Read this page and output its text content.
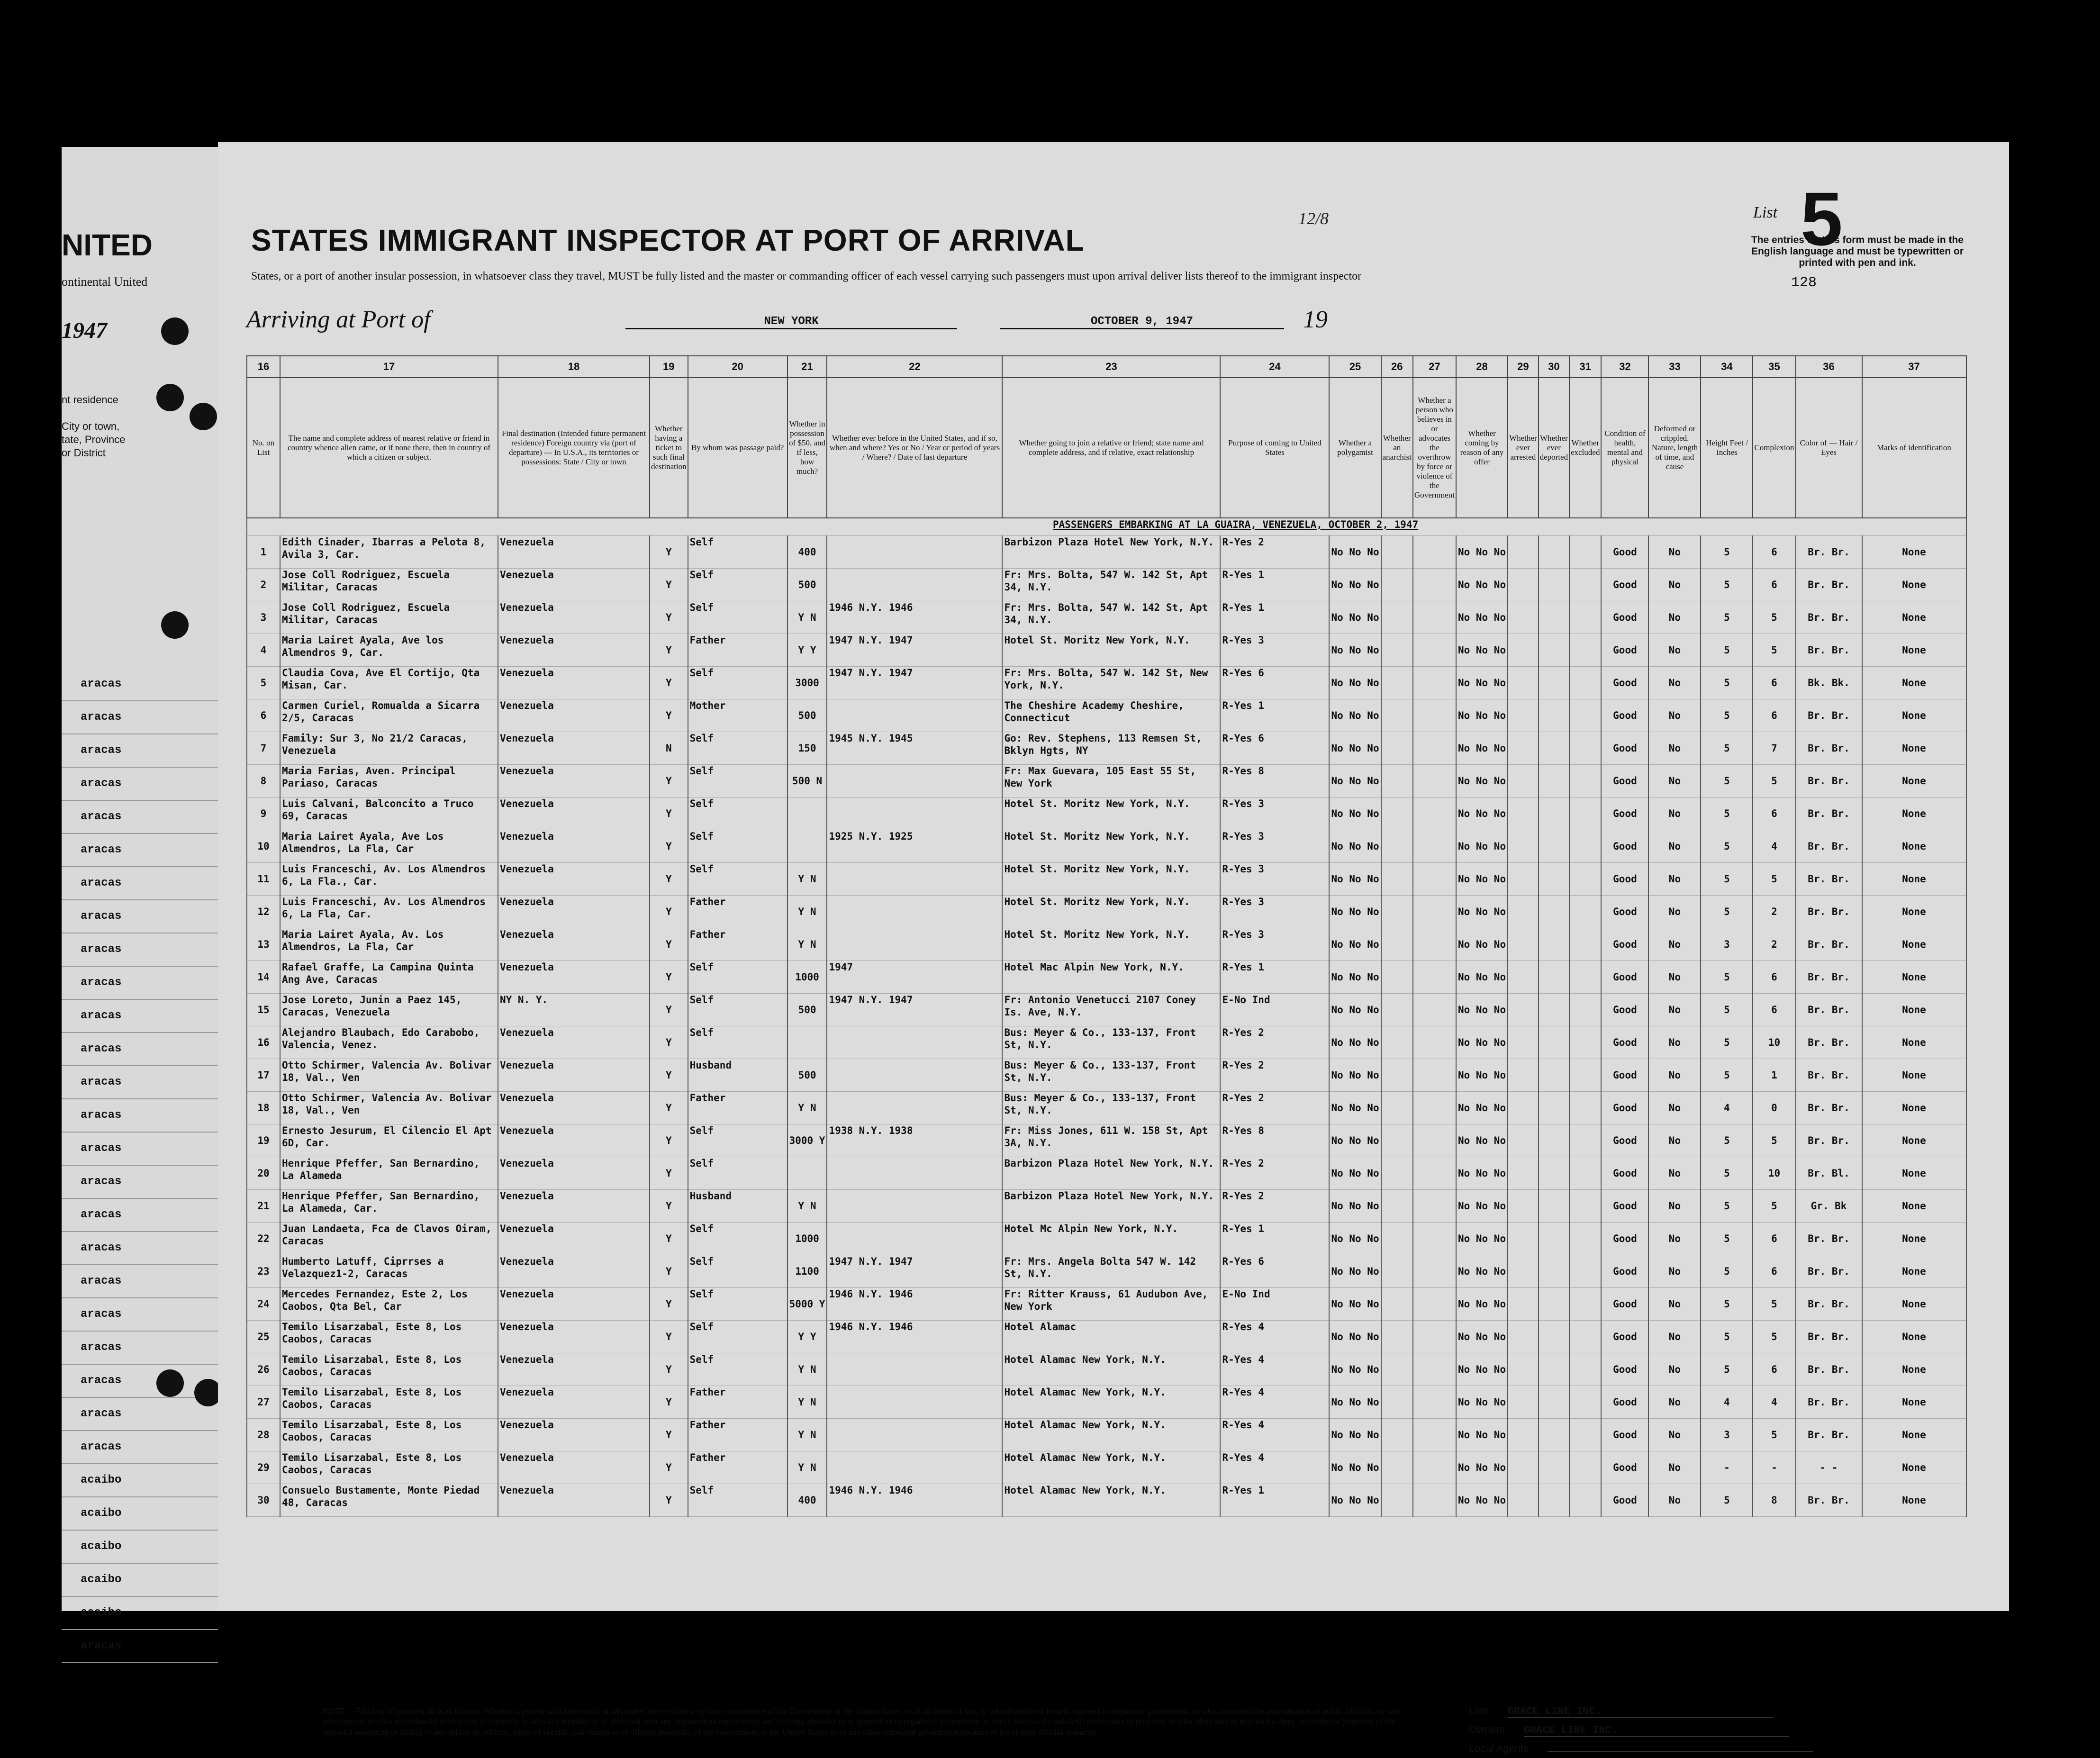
NITED
ontinental United
1947
nt residence

City or town,
tate, Province
or District
aracas
aracas
aracas
aracas
aracas
aracas
aracas
aracas
aracas
aracas
aracas
aracas
aracas
aracas
aracas
aracas
aracas
aracas
aracas
aracas
aracas
aracas
aracas
aracas
acaibo
acaibo
acaibo
acaibo
acaibo
aracas
STATES IMMIGRANT INSPECTOR AT PORT OF ARRIVAL
States, or a port of another insular possession, in whatsoever class they travel, MUST be fully listed and the master or commanding officer of each vessel carrying such passengers must upon arrival deliver lists thereof to the immigrant inspector
Arriving at Port of	NEW YORK	OCTOBER 9, 1947	19
12/8	List 5
The entries on this form must be made in the English language and must be typewritten or printed with pen and ink.
128
16	17	18	19	20	21	22	23	24	25	26	27	28	29	30	31	32	33	34	35	36	37
No. on List	The name and complete address of nearest relative or friend in country whence alien came, or if none there, then in country of which a citizen or subject.	Final destination (Intended future permanent residence) Foreign country via (port of departure) — In U.S.A., its territories or possessions: State / City or town	Whether having a ticket to such final destination	By whom was passage paid?	Whether in possession of $50, and if less, how much?	Whether ever before in the United States, and if so, when and where? Yes or No / Year or period of years / Where? / Date of last departure	Whether going to join a relative or friend; state name and complete address, and if relative, exact relationship	Purpose of coming to United States	Whether a polygamist	Whether an anarchist	Whether a person who believes in or advocates the overthrow by force or violence of the Government	Whether coming by reason of any offer	Whether ever arrested	Whether ever deported	Whether excluded	Condition of health, mental and physical	Deformed or crippled. Nature, length of time, and cause	Height Feet / Inches	Complexion	Color of — Hair / Eyes	Marks of identification
PASSENGERS EMBARKING AT LA GUAIRA, VENEZUELA, OCTOBER 2, 1947																					
1	Edith Cinader, Ibarras a Pelota 8, Avila 3, Car.	Venezuela	Y	Self	400		Barbizon Plaza Hotel New York, N.Y.	R-Yes 2	No No No			No No No				Good	No	5	6	Br. Br.	None
2	Jose Coll Rodriguez, Escuela Militar, Caracas	Venezuela	Y	Self	500		Fr: Mrs. Bolta, 547 W. 142 St, Apt 34, N.Y.	R-Yes 1	No No No			No No No				Good	No	5	6	Br. Br.	None
3	Jose Coll Rodriguez, Escuela Militar, Caracas	Venezuela	Y	Self	Y N	1946 N.Y. 1946	Fr: Mrs. Bolta, 547 W. 142 St, Apt 34, N.Y.	R-Yes 1	No No No			No No No				Good	No	5	5	Br. Br.	None
4	Maria Lairet Ayala, Ave los Almendros 9, Car.	Venezuela	Y	Father	Y Y	1947 N.Y. 1947	Hotel St. Moritz New York, N.Y.	R-Yes 3	No No No			No No No				Good	No	5	5	Br. Br.	None
5	Claudia Cova, Ave El Cortijo, Qta Misan, Car.	Venezuela	Y	Self	3000	1947 N.Y. 1947	Fr: Mrs. Bolta, 547 W. 142 St, New York, N.Y.	R-Yes 6	No No No			No No No				Good	No	5	6	Bk. Bk.	None
6	Carmen Curiel, Romualda a Sicarra 2/5, Caracas	Venezuela	Y	Mother	500		The Cheshire Academy Cheshire, Connecticut	R-Yes 1	No No No			No No No				Good	No	5	6	Br. Br.	None
7	Family: Sur 3, No 21/2 Caracas, Venezuela	Venezuela	N	Self	150	1945 N.Y. 1945	Go: Rev. Stephens, 113 Remsen St, Bklyn Hgts, NY	R-Yes 6	No No No			No No No				Good	No	5	7	Br. Br.	None
8	Maria Farias, Aven. Principal Pariaso, Caracas	Venezuela	Y	Self	500 N		Fr: Max Guevara, 105 East 55 St, New York	R-Yes 8	No No No			No No No				Good	No	5	5	Br. Br.	None
9	Luis Calvani, Balconcito a Truco 69, Caracas	Venezuela	Y	Self			Hotel St. Moritz New York, N.Y.	R-Yes 3	No No No			No No No				Good	No	5	6	Br. Br.	None
10	Maria Lairet Ayala, Ave Los Almendros, La Fla, Car	Venezuela	Y	Self		1925 N.Y. 1925	Hotel St. Moritz New York, N.Y.	R-Yes 3	No No No			No No No				Good	No	5	4	Br. Br.	None
11	Luis Franceschi, Av. Los Almendros 6, La Fla., Car.	Venezuela	Y	Self	Y N		Hotel St. Moritz New York, N.Y.	R-Yes 3	No No No			No No No				Good	No	5	5	Br. Br.	None
12	Luis Franceschi, Av. Los Almendros 6, La Fla, Car.	Venezuela	Y	Father	Y N		Hotel St. Moritz New York, N.Y.	R-Yes 3	No No No			No No No				Good	No	5	2	Br. Br.	None
13	Maria Lairet Ayala, Av. Los Almendros, La Fla, Car	Venezuela	Y	Father	Y N		Hotel St. Moritz New York, N.Y.	R-Yes 3	No No No			No No No				Good	No	3	2	Br. Br.	None
14	Rafael Graffe, La Campina Quinta Ang Ave, Caracas	Venezuela	Y	Self	1000	1947	Hotel Mac Alpin New York, N.Y.	R-Yes 1	No No No			No No No				Good	No	5	6	Br. Br.	None
15	Jose Loreto, Junin a Paez 145, Caracas, Venezuela	NY N. Y.	Y	Self	500	1947 N.Y. 1947	Fr: Antonio Venetucci 2107 Coney Is. Ave, N.Y.	E-No Ind	No No No			No No No				Good	No	5	6	Br. Br.	None
16	Alejandro Blaubach, Edo Carabobo, Valencia, Venez.	Venezuela	Y	Self			Bus: Meyer & Co., 133-137, Front St, N.Y.	R-Yes 2	No No No			No No No				Good	No	5	10	Br. Br.	None
17	Otto Schirmer, Valencia Av. Bolivar 18, Val., Ven	Venezuela	Y	Husband	500		Bus: Meyer & Co., 133-137, Front St, N.Y.	R-Yes 2	No No No			No No No				Good	No	5	1	Br. Br.	None
18	Otto Schirmer, Valencia Av. Bolivar 18, Val., Ven	Venezuela	Y	Father	Y N		Bus: Meyer & Co., 133-137, Front St, N.Y.	R-Yes 2	No No No			No No No				Good	No	4	0	Br. Br.	None
19	Ernesto Jesurum, El Cilencio El Apt 6D, Car.	Venezuela	Y	Self	3000 Y	1938 N.Y. 1938	Fr: Miss Jones, 611 W. 158 St, Apt 3A, N.Y.	R-Yes 8	No No No			No No No				Good	No	5	5	Br. Br.	None
20	Henrique Pfeffer, San Bernardino, La Alameda	Venezuela	Y	Self			Barbizon Plaza Hotel New York, N.Y.	R-Yes 2	No No No			No No No				Good	No	5	10	Br. Bl.	None
21	Henrique Pfeffer, San Bernardino, La Alameda, Car.	Venezuela	Y	Husband	Y N		Barbizon Plaza Hotel New York, N.Y.	R-Yes 2	No No No			No No No				Good	No	5	5	Gr. Bk	None
22	Juan Landaeta, Fca de Clavos Oiram, Caracas	Venezuela	Y	Self	1000		Hotel Mc Alpin New York, N.Y.	R-Yes 1	No No No			No No No				Good	No	5	6	Br. Br.	None
23	Humberto Latuff, Ciprrses a Velazquez1-2, Caracas	Venezuela	Y	Self	1100	1947 N.Y. 1947	Fr: Mrs. Angela Bolta 547 W. 142 St, N.Y.	R-Yes 6	No No No			No No No				Good	No	5	6	Br. Br.	None
24	Mercedes Fernandez, Este 2, Los Caobos, Qta Bel, Car	Venezuela	Y	Self	5000 Y	1946 N.Y. 1946	Fr: Ritter Krauss, 61 Audubon Ave, New York	E-No Ind	No No No			No No No				Good	No	5	5	Br. Br.	None
25	Temilo Lisarzabal, Este 8, Los Caobos, Caracas	Venezuela	Y	Self	Y Y	1946 N.Y. 1946	Hotel Alamac	R-Yes 4	No No No			No No No				Good	No	5	5	Br. Br.	None
26	Temilo Lisarzabal, Este 8, Los Caobos, Caracas	Venezuela	Y	Self	Y N		Hotel Alamac New York, N.Y.	R-Yes 4	No No No			No No No				Good	No	5	6	Br. Br.	None
27	Temilo Lisarzabal, Este 8, Los Caobos, Caracas	Venezuela	Y	Father	Y N		Hotel Alamac New York, N.Y.	R-Yes 4	No No No			No No No				Good	No	4	4	Br. Br.	None
28	Temilo Lisarzabal, Este 8, Los Caobos, Caracas	Venezuela	Y	Father	Y N		Hotel Alamac New York, N.Y.	R-Yes 4	No No No			No No No				Good	No	3	5	Br. Br.	None
29	Temilo Lisarzabal, Este 8, Los Caobos, Caracas	Venezuela	Y	Father	Y N		Hotel Alamac New York, N.Y.	R-Yes 4	No No No			No No No				Good	No	-	-	- -	None
30	Consuelo Bustamente, Monte Piedad 48, Caracas	Venezuela	Y	Self	400	1946 N.Y. 1946	Hotel Alamac New York, N.Y.	R-Yes 1	No No No			No No No				Good	No	5	8	Br. Br.	None
NOTE.—Full text of question 28 is as follows: Whether a person who believes in or advocates the overthrow by force or violence of the Government of the United States or of all forms of law, or who disbelieves in or is opposed to organized government, or who advocates the assassination of public officials, or who advocates or teaches the unlawful destruction of property, or who is a member of or affiliated with any organization entertaining and teaching disbelief in or opposition to organized government or which teaches the unlawful destruction of property, or who advocates or teaches the duty, necessity, or propriety of the unlawful assaulting or killing of any officer or officers, either of specific individuals or of officers generally, of the Government of the United States or of any other organized government because of his or their official character.
Line GRACE LINE INC.
Owners GRACE LINE INC.
Local Agents
